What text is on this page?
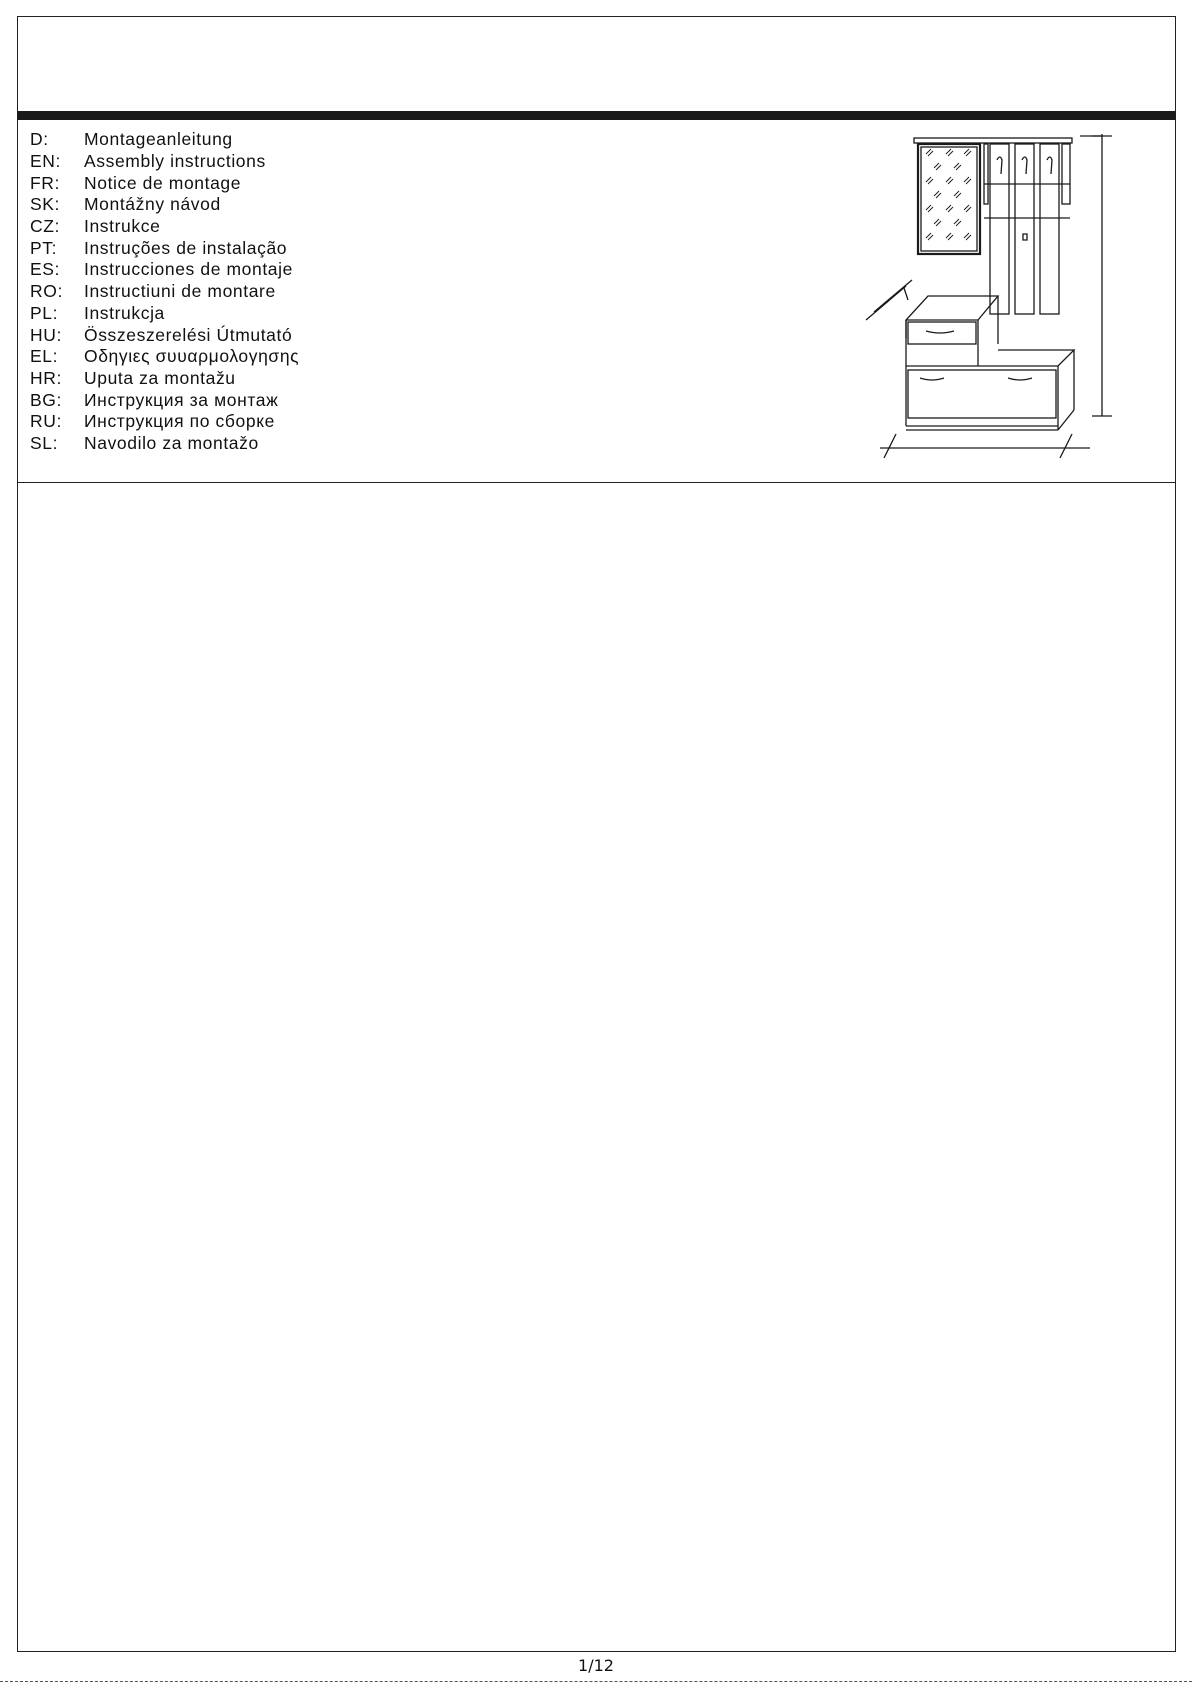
D:	Montageanleitung
EN:	Assembly instructions
FR:	Notice de montage
SK:	Montážny návod
CZ:	Instrukce
PT:	Instruções de instalação
ES:	Instrucciones de montaje
RO:	Instructiuni de montare
PL:	Instrukcja
HU:	Összeszerelési Útmutató
EL:	Οδηγιες συυαρμολογησης
HR:	Uputa za montažu
BG:	Инструкция за монтаж
RU:	Инструкция по сборке
SL:	Navodilo za montažo
1/12
